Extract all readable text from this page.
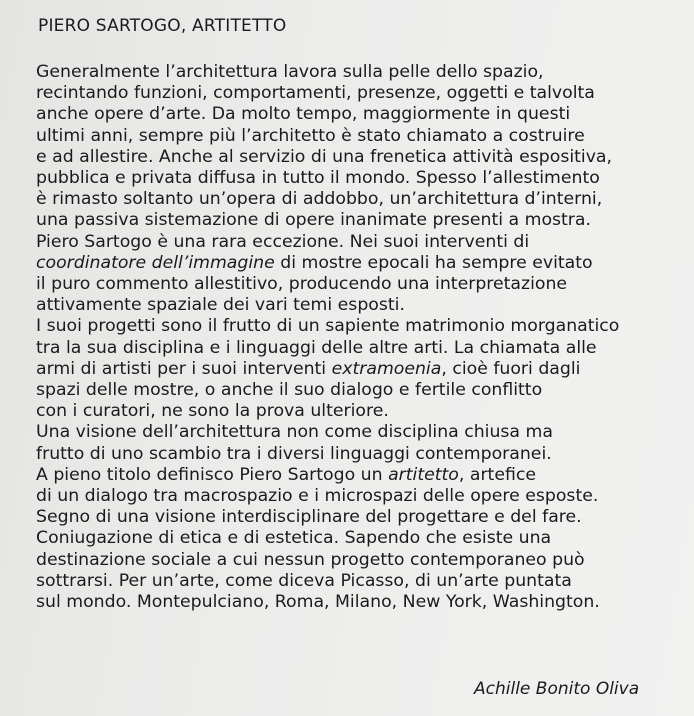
PIERO SARTOGO, ARTITETTO
Generalmente l’architettura lavora sulla pelle dello spazio,
recintando funzioni, comportamenti, presenze, oggetti e talvolta
anche opere d’arte. Da molto tempo, maggiormente in questi
ultimi anni, sempre più l’architetto è stato chiamato a costruire
e ad allestire. Anche al servizio di una frenetica attività espositiva,
pubblica e privata diffusa in tutto il mondo. Spesso l’allestimento
è rimasto soltanto un’opera di addobbo, un’architettura d’interni,
una passiva sistemazione di opere inanimate presenti a mostra.
Piero Sartogo è una rara eccezione. Nei suoi interventi di
coordinatore dell’immagine di mostre epocali ha sempre evitato
il puro commento allestitivo, producendo una interpretazione
attivamente spaziale dei vari temi esposti.
I suoi progetti sono il frutto di un sapiente matrimonio morganatico
tra la sua disciplina e i linguaggi delle altre arti. La chiamata alle
armi di artisti per i suoi interventi extramoenia, cioè fuori dagli
spazi delle mostre, o anche il suo dialogo e fertile conflitto
con i curatori, ne sono la prova ulteriore.
Una visione dell’architettura non come disciplina chiusa ma
frutto di uno scambio tra i diversi linguaggi contemporanei.
A pieno titolo definisco Piero Sartogo un artitetto, artefice
di un dialogo tra macrospazio e i microspazi delle opere esposte.
Segno di una visione interdisciplinare del progettare e del fare.
Coniugazione di etica e di estetica. Sapendo che esiste una
destinazione sociale a cui nessun progetto contemporaneo può
sottrarsi. Per un’arte, come diceva Picasso, di un’arte puntata
sul mondo. Montepulciano, Roma, Milano, New York, Washington.
Achille Bonito Oliva
